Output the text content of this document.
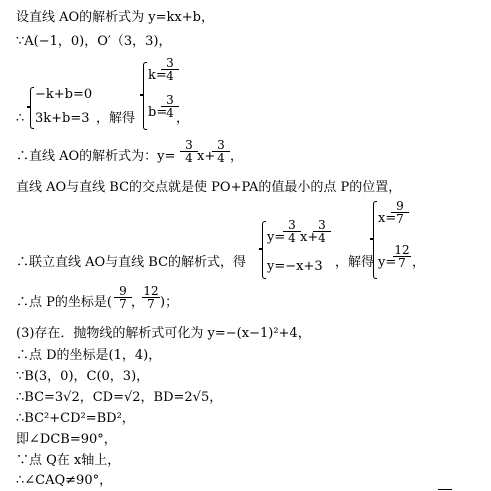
设直线 AO的解析式为 y=kx+b，
∵A(−1，0)，O′（3，3)，
∴
−k+b=0
3k+b=3 ，解得
k=
$\frac{3}{4}$
b=
$\frac{3}{4}$
，
∴直线 AO的解析式为：$y= \frac{3}{4} x+$
$\frac{3}{4}$ ，
直线 AO与直线 BC的交点就是使 PO+PA的值最小的点 P的位置，
∴联立直线 AO与直线 BC的解析式，得
y=
$\frac{3}{4} x+$
$\frac{3}{4}$
y=−x+3 ，解得
x=
$\frac{9}{7}$
y=
$\frac{12}{7}$ ，
∴点 P的坐标是( $\frac{9}{7}$ ，
$\frac{12}{7}$ )；
(3)存在．抛物线的解析式可化为 y=−(x−1)²+4，
∴点 D的坐标是(1，4)，
∵B(3，0)，C(0，3)，
∴BC=3√2，CD=√2，BD=2√5，
∴BC²+CD²=BD²，
即∠DCB=90°，
∵点 Q在 x轴上，
∴∠CAQ≠90°，
